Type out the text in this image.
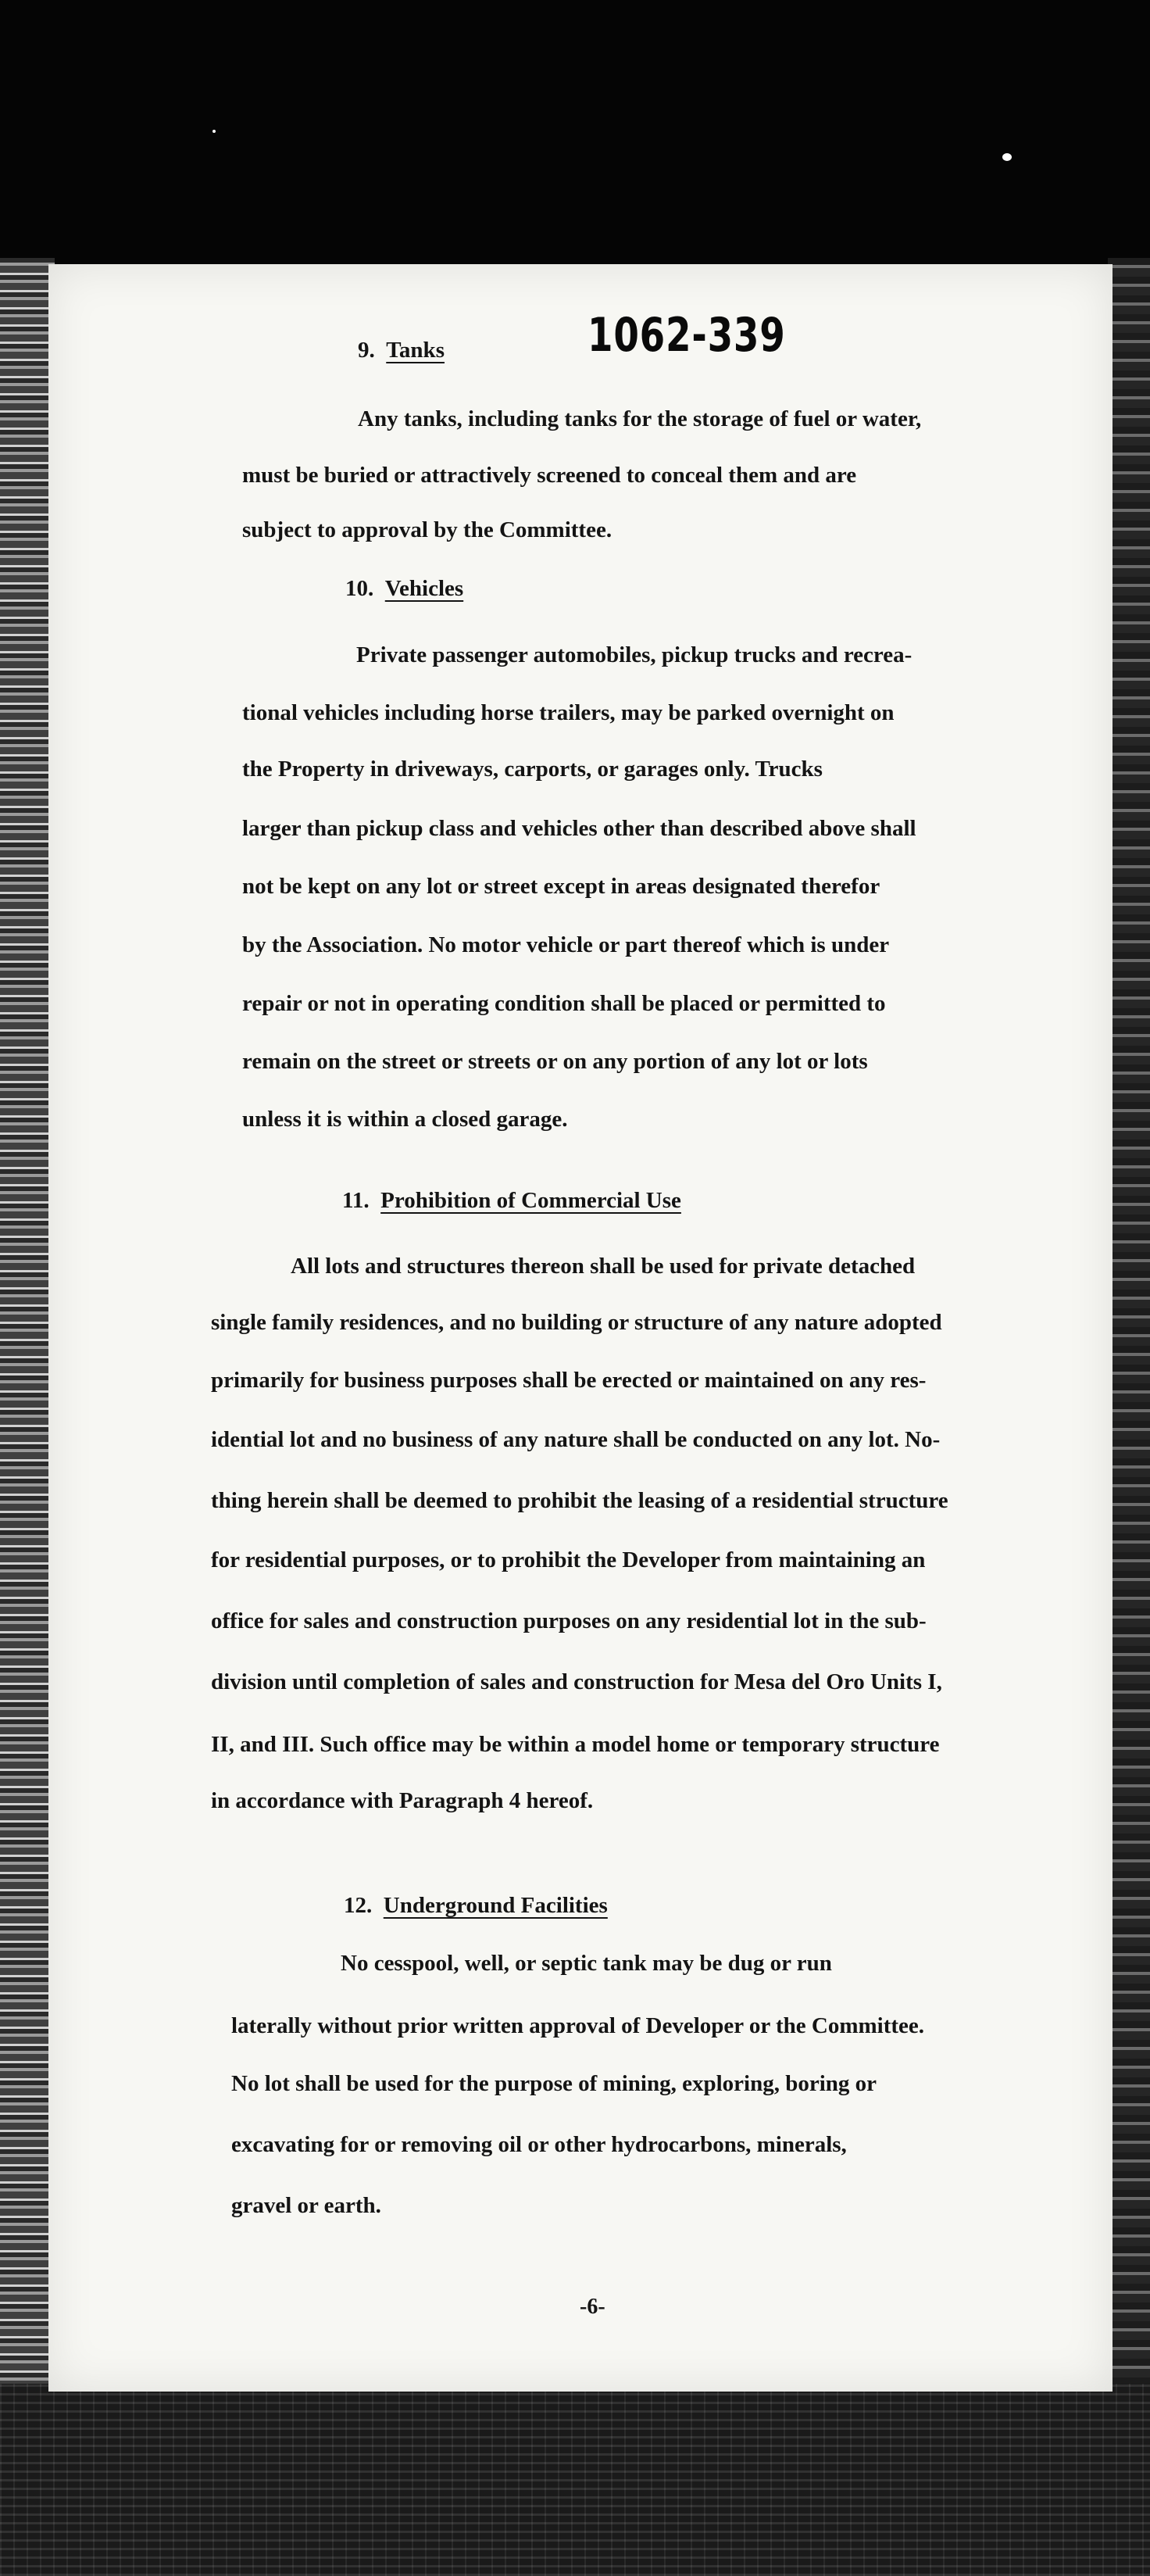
1062-339
9. Tanks
Any tanks, including tanks for the storage of fuel or water,
must be buried or attractively screened to conceal them and are
subject to approval by the Committee.
10. Vehicles
Private passenger automobiles, pickup trucks and recrea-
tional vehicles including horse trailers, may be parked overnight on
the Property in driveways, carports, or garages only. Trucks
larger than pickup class and vehicles other than described above shall
not be kept on any lot or street except in areas designated therefor
by the Association. No motor vehicle or part thereof which is under
repair or not in operating condition shall be placed or permitted to
remain on the street or streets or on any portion of any lot or lots
unless it is within a closed garage.
11. Prohibition of Commercial Use
All lots and structures thereon shall be used for private detached
single family residences, and no building or structure of any nature adopted
primarily for business purposes shall be erected or maintained on any res-
idential lot and no business of any nature shall be conducted on any lot. No-
thing herein shall be deemed to prohibit the leasing of a residential structure
for residential purposes, or to prohibit the Developer from maintaining an
office for sales and construction purposes on any residential lot in the sub-
division until completion of sales and construction for Mesa del Oro Units I,
II, and III. Such office may be within a model home or temporary structure
in accordance with Paragraph 4 hereof.
12. Underground Facilities
No cesspool, well, or septic tank may be dug or run
laterally without prior written approval of Developer or the Committee.
No lot shall be used for the purpose of mining, exploring, boring or
excavating for or removing oil or other hydrocarbons, minerals,
gravel or earth.
-6-
